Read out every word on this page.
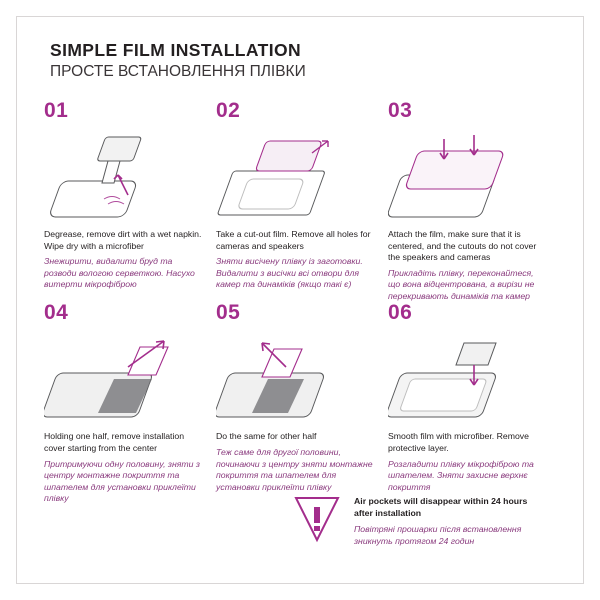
SIMPLE FILM INSTALLATION

ПРОСТЕ ВСТАНОВЛЕННЯ ПЛІВКИ

01

Degrease, remove dirt with a wet napkin. Wipe dry with a microfiber

Знежирити, видалити бруд та розводи вологою серветкою. Насухо витерти мікрофіброю

02

Take a cut-out film. Remove all holes for cameras and speakers

Зняти висічену плівку із заготовки. Видалити з висічки всі отвори для камер та динаміків (якщо такі є)

03

Attach the film, make sure that it is centered, and the cutouts do not cover the speakers and cameras

Прикладіть плівку, переконайтеся, що вона відцентрована, а вирізи не перекривають динаміків та камер

04

Holding one half, remove installation cover starting from the center

Притримуючи одну половину, зняти з центру монтажне покриття та шпателем для установки приклеїти плівку

05

Do the same for other half

Теж саме для другої половини, починаючи з центру зняти монтажне покриття та шпателем для установки приклеїти плівку

06

Smooth film with microfiber. Remove protective layer.

Розгладити плівку мікрофіброю та шпателем. Зняти захисне верхнє покриття

Air pockets will disappear within 24 hours after installation

Повітряні прошарки після встановлення зникнуть протягом 24 годин
